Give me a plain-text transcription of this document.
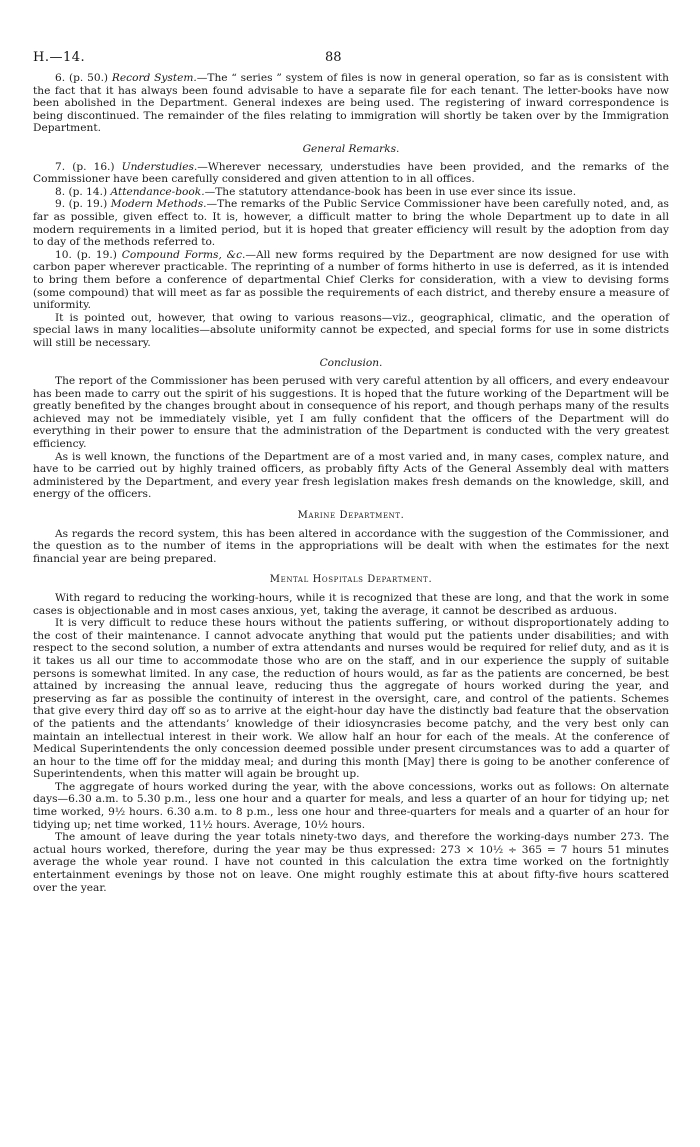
H.—14.	88

6. (p. 50.) Record System.—The “ series ” system of files is now in general operation, so far as is consistent with the fact that it has always been found advisable to have a separate file for each tenant. The letter-books have now been abolished in the Department. General indexes are being used. The registering of inward correspondence is being discontinued. The remainder of the files relating to immigration will shortly be taken over by the Immigration Department.

General Remarks.

7. (p. 16.) Understudies.—Wherever necessary, understudies have been provided, and the remarks of the Commissioner have been carefully considered and given attention to in all offices.

8. (p. 14.) Attendance-book.—The statutory attendance-book has been in use ever since its issue.

9. (p. 19.) Modern Methods.—The remarks of the Public Service Commissioner have been carefully noted, and, as far as possible, given effect to. It is, however, a difficult matter to bring the whole Department up to date in all modern requirements in a limited period, but it is hoped that greater efficiency will result by the adoption from day to day of the methods referred to.

10. (p. 19.) Compound Forms, &c.—All new forms required by the Department are now designed for use with carbon paper wherever practicable. The reprinting of a number of forms hitherto in use is deferred, as it is intended to bring them before a conference of departmental Chief Clerks for consideration, with a view to devising forms (some compound) that will meet as far as possible the requirements of each district, and thereby ensure a measure of uniformity.

It is pointed out, however, that owing to various reasons—viz., geographical, climatic, and the operation of special laws in many localities—absolute uniformity cannot be expected, and special forms for use in some districts will still be necessary.

Conclusion.

The report of the Commissioner has been perused with very careful attention by all officers, and every endeavour has been made to carry out the spirit of his suggestions. It is hoped that the future working of the Department will be greatly benefited by the changes brought about in consequence of his report, and though perhaps many of the results achieved may not be immediately visible, yet I am fully confident that the officers of the Department will do everything in their power to ensure that the administration of the Department is conducted with the very greatest efficiency.

As is well known, the functions of the Department are of a most varied and, in many cases, complex nature, and have to be carried out by highly trained officers, as probably fifty Acts of the General Assembly deal with matters administered by the Department, and every year fresh legislation makes fresh demands on the knowledge, skill, and energy of the officers.

Marine Department.

As regards the record system, this has been altered in accordance with the suggestion of the Commissioner, and the question as to the number of items in the appropriations will be dealt with when the estimates for the next financial year are being prepared.

Mental Hospitals Department.

With regard to reducing the working-hours, while it is recognized that these are long, and that the work in some cases is objectionable and in most cases anxious, yet, taking the average, it cannot be described as arduous.

It is very difficult to reduce these hours without the patients suffering, or without disproportionately adding to the cost of their maintenance. I cannot advocate anything that would put the patients under disabilities; and with respect to the second solution, a number of extra attendants and nurses would be required for relief duty, and as it is it takes us all our time to accommodate those who are on the staff, and in our experience the supply of suitable persons is somewhat limited. In any case, the reduction of hours would, as far as the patients are concerned, be best attained by increasing the annual leave, reducing thus the aggregate of hours worked during the year, and preserving as far as possible the continuity of interest in the oversight, care, and control of the patients. Schemes that give every third day off so as to arrive at the eight-hour day have the distinctly bad feature that the observation of the patients and the attendants’ knowledge of their idiosyncrasies become patchy, and the very best only can maintain an intellectual interest in their work. We allow half an hour for each of the meals. At the conference of Medical Superintendents the only concession deemed possible under present circumstances was to add a quarter of an hour to the time off for the midday meal; and during this month [May] there is going to be another conference of Superintendents, when this matter will again be brought up.

The aggregate of hours worked during the year, with the above concessions, works out as follows: On alternate days—6.30 a.m. to 5.30 p.m., less one hour and a quarter for meals, and less a quarter of an hour for tidying up; net time worked, 9½ hours. 6.30 a.m. to 8 p.m., less one hour and three-quarters for meals and a quarter of an hour for tidying up; net time worked, 11½ hours. Average, 10½ hours.

The amount of leave during the year totals ninety-two days, and therefore the working-days number 273. The actual hours worked, therefore, during the year may be thus expressed: 273 × 10½ ÷ 365 = 7 hours 51 minutes average the whole year round. I have not counted in this calculation the extra time worked on the fortnightly entertainment evenings by those not on leave. One might roughly estimate this at about fifty-five hours scattered over the year.
